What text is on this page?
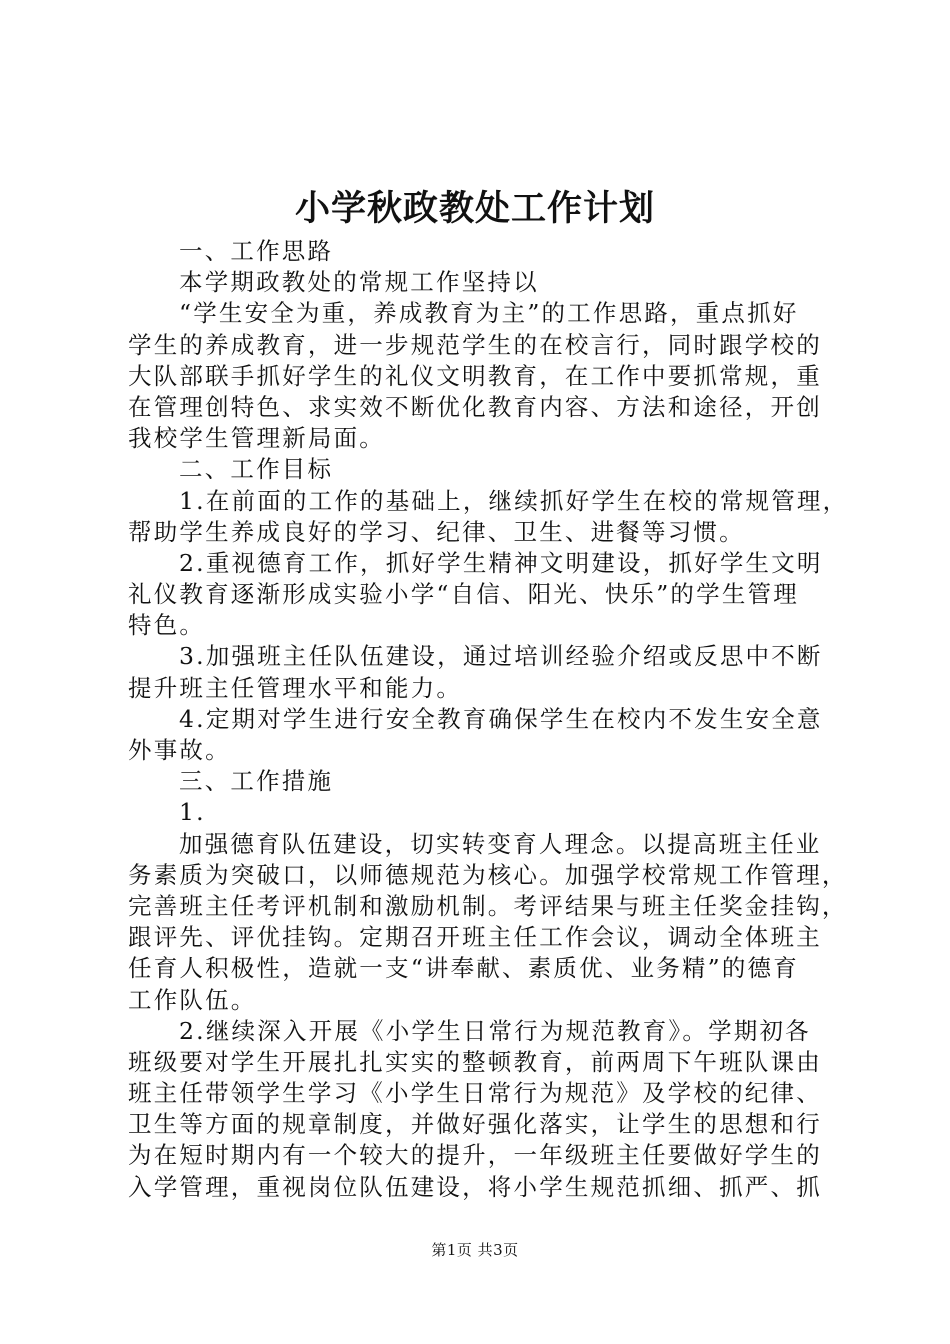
小学秋政教处工作计划
一、工作思路
本学期政教处的常规工作坚持以
“学生安全为重，养成教育为主”的工作思路，重点抓好
学生的养成教育，进一步规范学生的在校言行，同时跟学校的
大队部联手抓好学生的礼仪文明教育，在工作中要抓常规，重
在管理创特色、求实效不断优化教育内容、方法和途径，开创
我校学生管理新局面。
二、工作目标
1.在前面的工作的基础上，继续抓好学生在校的常规管理，
帮助学生养成良好的学习、纪律、卫生、进餐等习惯。
2.重视德育工作，抓好学生精神文明建设，抓好学生文明
礼仪教育逐渐形成实验小学“自信、阳光、快乐”的学生管理
特色。
3.加强班主任队伍建设，通过培训经验介绍或反思中不断
提升班主任管理水平和能力。
4.定期对学生进行安全教育确保学生在校内不发生安全意
外事故。
三、工作措施
1.
加强德育队伍建设，切实转变育人理念。以提高班主任业
务素质为突破口，以师德规范为核心。加强学校常规工作管理，
完善班主任考评机制和激励机制。考评结果与班主任奖金挂钩，
跟评先、评优挂钩。定期召开班主任工作会议，调动全体班主
任育人积极性，造就一支“讲奉献、素质优、业务精”的德育
工作队伍。
2.继续深入开展《小学生日常行为规范教育》。学期初各
班级要对学生开展扎扎实实的整顿教育，前两周下午班队课由
班主任带领学生学习《小学生日常行为规范》及学校的纪律、
卫生等方面的规章制度，并做好强化落实，让学生的思想和行
为在短时期内有一个较大的提升，一年级班主任要做好学生的
入学管理，重视岗位队伍建设，将小学生规范抓细、抓严、抓
第1页 共3页
